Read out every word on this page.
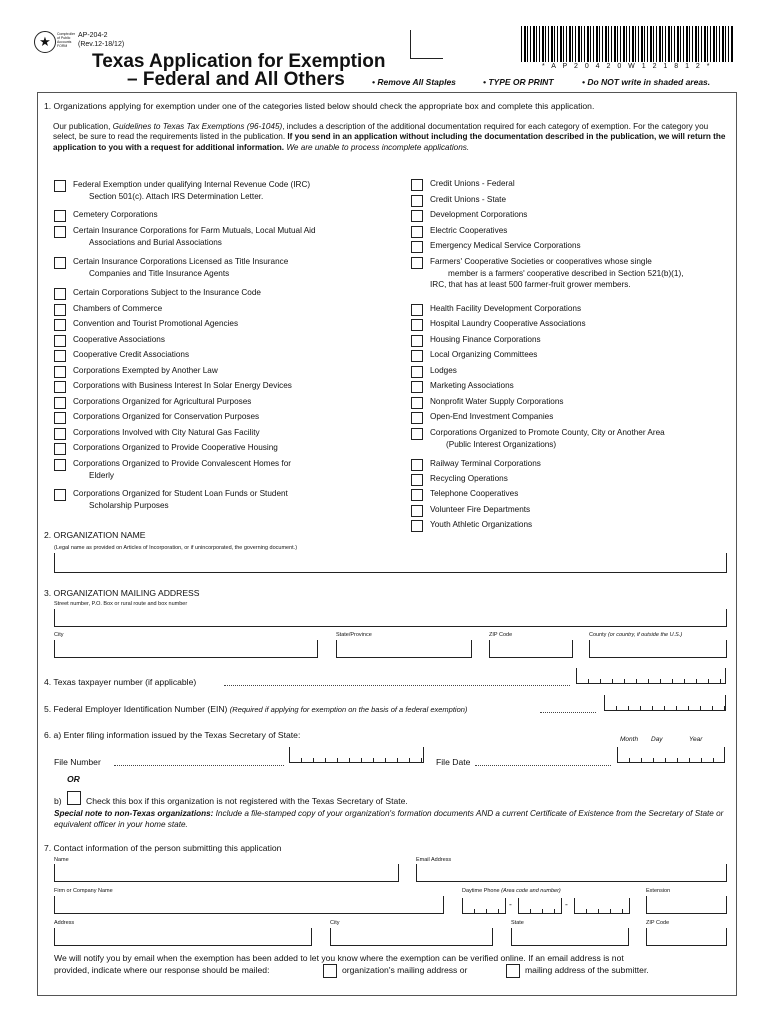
★	Comptroller of Public Accounts FORM
AP-204-2
(Rev.12-18/12)
Texas Application for Exemption
– Federal and All Others	• Remove All Staples	• TYPE OR PRINT	• Do NOT write in shaded areas.
* A P 2 0 4 2 0 W 1 2 1 8 1 2 *
1. Organizations applying for exemption under one of the categories listed below should check the appropriate box and complete this application.
Our publication, Guidelines to Texas Tax Exemptions (96-1045), includes a description of the additional documentation required for each category of exemption. For the category you select, be sure to read the requirements listed in the publication. If you send in an application without including the documentation described in the publication, we will return the application to you with a request for additional information. We are unable to process incomplete applications.
Federal Exemption under qualifying Internal Revenue Code (IRC)
Section 501(c). Attach IRS Determination Letter.
Cemetery Corporations
Certain Insurance Corporations for Farm Mutuals, Local Mutual Aid
Associations and Burial Associations
Certain Insurance Corporations Licensed as Title Insurance
Companies and Title Insurance Agents
Certain Corporations Subject to the Insurance Code
Chambers of Commerce
Convention and Tourist Promotional Agencies
Cooperative Associations
Cooperative Credit Associations
Corporations Exempted by Another Law
Corporations with Business Interest In Solar Energy Devices
Corporations Organized for Agricultural Purposes
Corporations Organized for Conservation Purposes
Corporations Involved with City Natural Gas Facility
Corporations Organized to Provide Cooperative Housing
Corporations Organized to Provide Convalescent Homes for
Elderly
Corporations Organized for Student Loan Funds or Student
Scholarship Purposes
Credit Unions - Federal
Credit Unions - State
Development Corporations
Electric Cooperatives
Emergency Medical Service Corporations
Farmers' Cooperative Societies or cooperatives whose single
member is a farmers' cooperative described in Section 521(b)(1),
IRC, that has at least 500 farmer-fruit grower members.
Health Facility Development Corporations
Hospital Laundry Cooperative Associations
Housing Finance Corporations
Local Organizing Committees
Lodges
Marketing Associations
Nonprofit Water Supply Corporations
Open-End Investment Companies
Corporations Organized to Promote County, City or Another Area
(Public Interest Organizations)
Railway Terminal Corporations
Recycling Operations
Telephone Cooperatives
Volunteer Fire Departments
Youth Athletic Organizations
2. ORGANIZATION NAME
(Legal name as provided on Articles of Incorporation, or if unincorporated, the governing document.)
3. ORGANIZATION MAILING ADDRESS
Street number, P.O. Box or rural route and box number
City	State/Province	ZIP Code	County (or country, if outside the U.S.)
4. Texas taxpayer number (if applicable)
5. Federal Employer Identification Number (EIN) (Required if applying for exemption on the basis of a federal exemption)
6. a) Enter filing information issued by the Texas Secretary of State:	Month Day	Year
File Number	File Date
OR
b)	Check this box if this organization is not registered with the Texas Secretary of State.
Special note to non-Texas organizations: Include a file-stamped copy of your organization's formation documents AND a current Certificate of Existence from the Secretary of State or equivalent officer in your home state.
7. Contact information of the person submitting this application
Name	Email Address
Firm or Company Name	Daytime Phone (Area code and number)
-	-
Extension
Address	City	State	ZIP Code
We will notify you by email when the exemption has been added to let you know where the exemption can be verified online. If an email address is not
provided, indicate where our response should be mailed:	organization's mailing address or	mailing address of the submitter.
